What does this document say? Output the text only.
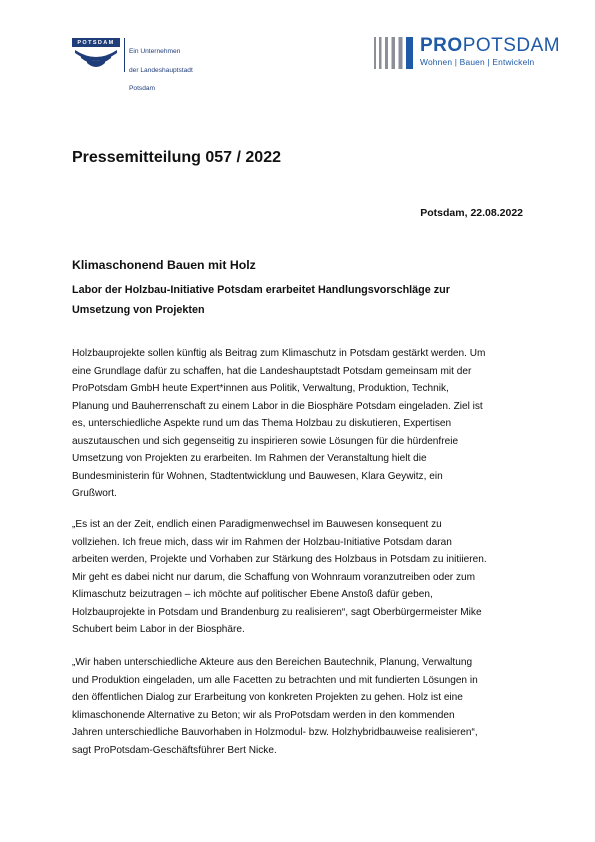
POTSDAM

Ein Unternehmen

der Landeshauptstadt

Potsdam

PROPOTSDAM
Wohnen | Bauen | Entwickeln
Pressemitteilung 057 / 2022
Potsdam, 22.08.2022
Klimaschonend Bauen mit Holz
Labor der Holzbau-Initiative Potsdam erarbeitet Handlungsvorschläge zur
Umsetzung von Projekten
Holzbauprojekte sollen künftig als Beitrag zum Klimaschutz in Potsdam gestärkt werden. Um
eine Grundlage dafür zu schaffen, hat die Landeshauptstadt Potsdam gemeinsam mit der
ProPotsdam GmbH heute Expert*innen aus Politik, Verwaltung, Produktion, Technik,
Planung und Bauherrenschaft zu einem Labor in die Biosphäre Potsdam eingeladen. Ziel ist
es, unterschiedliche Aspekte rund um das Thema Holzbau zu diskutieren, Expertisen
auszutauschen und sich gegenseitig zu inspirieren sowie Lösungen für die hürdenfreie
Umsetzung von Projekten zu erarbeiten. Im Rahmen der Veranstaltung hielt die
Bundesministerin für Wohnen, Stadtentwicklung und Bauwesen, Klara Geywitz, ein
Grußwort.
„Es ist an der Zeit, endlich einen Paradigmenwechsel im Bauwesen konsequent zu
vollziehen. Ich freue mich, dass wir im Rahmen der Holzbau-Initiative Potsdam daran
arbeiten werden, Projekte und Vorhaben zur Stärkung des Holzbaus in Potsdam zu initiieren.
Mir geht es dabei nicht nur darum, die Schaffung von Wohnraum voranzutreiben oder zum
Klimaschutz beizutragen – ich möchte auf politischer Ebene Anstoß dafür geben,
Holzbauprojekte in Potsdam und Brandenburg zu realisieren“, sagt Oberbürgermeister Mike
Schubert beim Labor in der Biosphäre.
„Wir haben unterschiedliche Akteure aus den Bereichen Bautechnik, Planung, Verwaltung
und Produktion eingeladen, um alle Facetten zu betrachten und mit fundierten Lösungen in
den öffentlichen Dialog zur Erarbeitung von konkreten Projekten zu gehen. Holz ist eine
klimaschonende Alternative zu Beton; wir als ProPotsdam werden in den kommenden
Jahren unterschiedliche Bauvorhaben in Holzmodul- bzw. Holzhybridbauweise realisieren“,
sagt ProPotsdam-Geschäftsführer Bert Nicke.
